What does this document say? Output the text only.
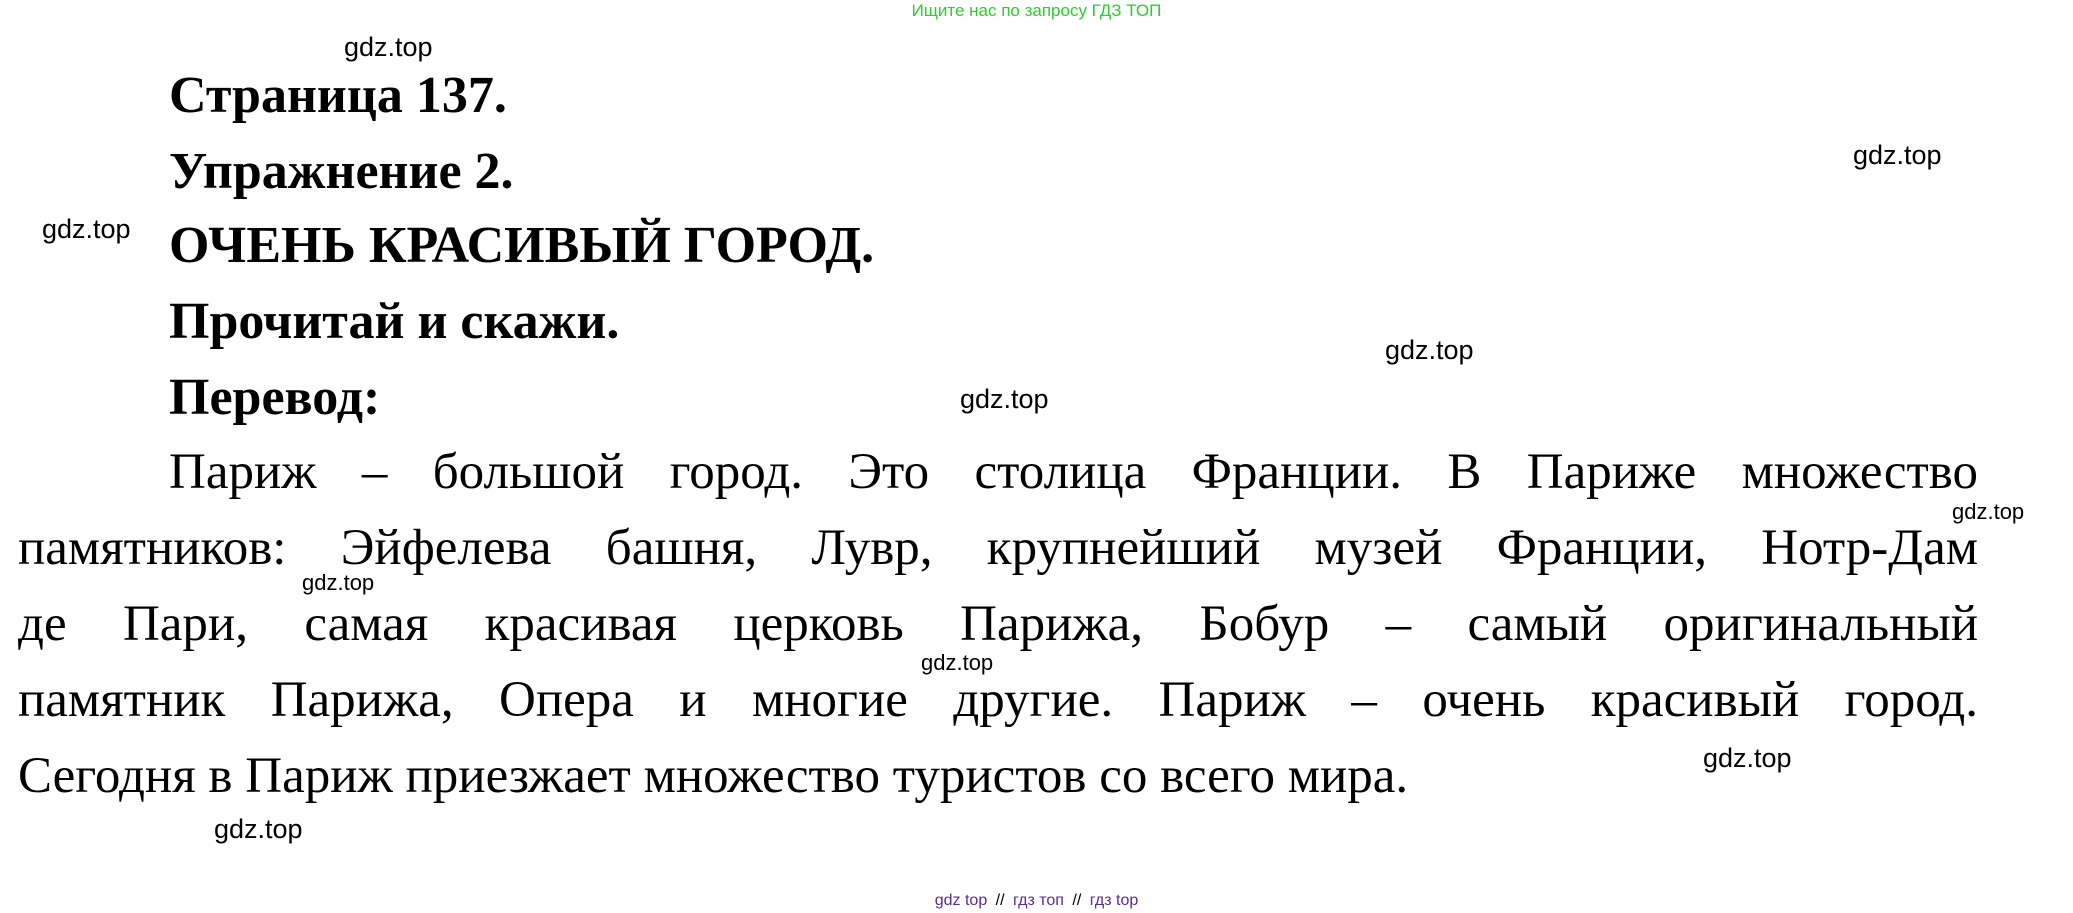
Ищите нас по запросу ГДЗ ТОП
Страница 137.
Упражнение 2.
ОЧЕНЬ КРАСИВЫЙ ГОРОД.
Прочитай и скажи.
Перевод:
Париж – большой город. Это столица Франции. В Париже множество
памятников: Эйфелева башня, Лувр, крупнейший музей Франции, Нотр-Дам
де Пари, самая красивая церковь Парижа, Бобур – самый оригинальный
памятник Парижа, Опера и многие другие. Париж – очень красивый город.
Сегодня в Париж приезжает множество туристов со всего мира.
gdz.top
gdz.top
gdz.top
gdz.top
gdz.top
gdz.top
gdz.top
gdz.top
gdz.top
gdz.top
gdz top // гдз топ // гдз top
